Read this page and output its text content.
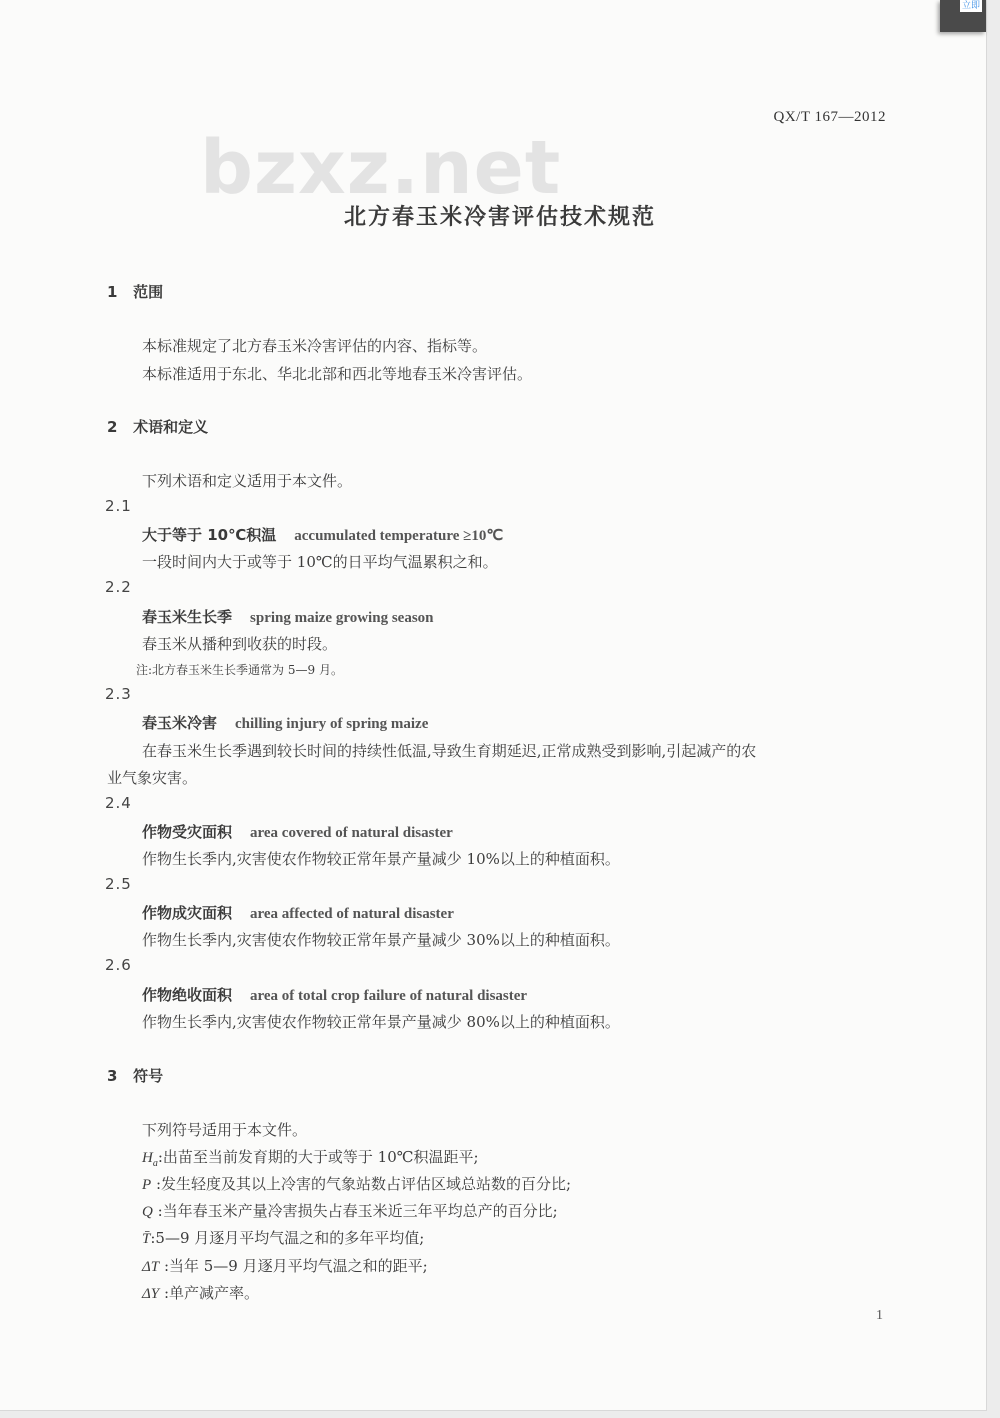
立即
QX/T 167—2012
bzxz.net
北方春玉米冷害评估技术规范
1 范围
本标准规定了北方春玉米冷害评估的内容、指标等。
本标准适用于东北、华北北部和西北等地春玉米冷害评估。
2 术语和定义
下列术语和定义适用于本文件。
2.1
大于等于 10℃积温 accumulated temperature ≥10℃
一段时间内大于或等于 10℃的日平均气温累积之和。
2.2
春玉米生长季 spring maize growing season
春玉米从播种到收获的时段。
注:北方春玉米生长季通常为 5—9 月。
2.3
春玉米冷害 chilling injury of spring maize
在春玉米生长季遇到较长时间的持续性低温,导致生育期延迟,正常成熟受到影响,引起减产的农
业气象灾害。
2.4
作物受灾面积 area covered of natural disaster
作物生长季内,灾害使农作物较正常年景产量减少 10%以上的种植面积。
2.5
作物成灾面积 area affected of natural disaster
作物生长季内,灾害使农作物较正常年景产量减少 30%以上的种植面积。
2.6
作物绝收面积 area of total crop failure of natural disaster
作物生长季内,灾害使农作物较正常年景产量减少 80%以上的种植面积。
3 符号
下列符号适用于本文件。
$H_a$:出苗至当前发育期的大于或等于 10℃积温距平;
P :发生轻度及其以上冷害的气象站数占评估区域总站数的百分比;
Q :当年春玉米产量冷害损失占春玉米近三年平均总产的百分比;
T̄:5—9 月逐月平均气温之和的多年平均值;
ΔT :当年 5—9 月逐月平均气温之和的距平;
ΔY :单产减产率。
1
